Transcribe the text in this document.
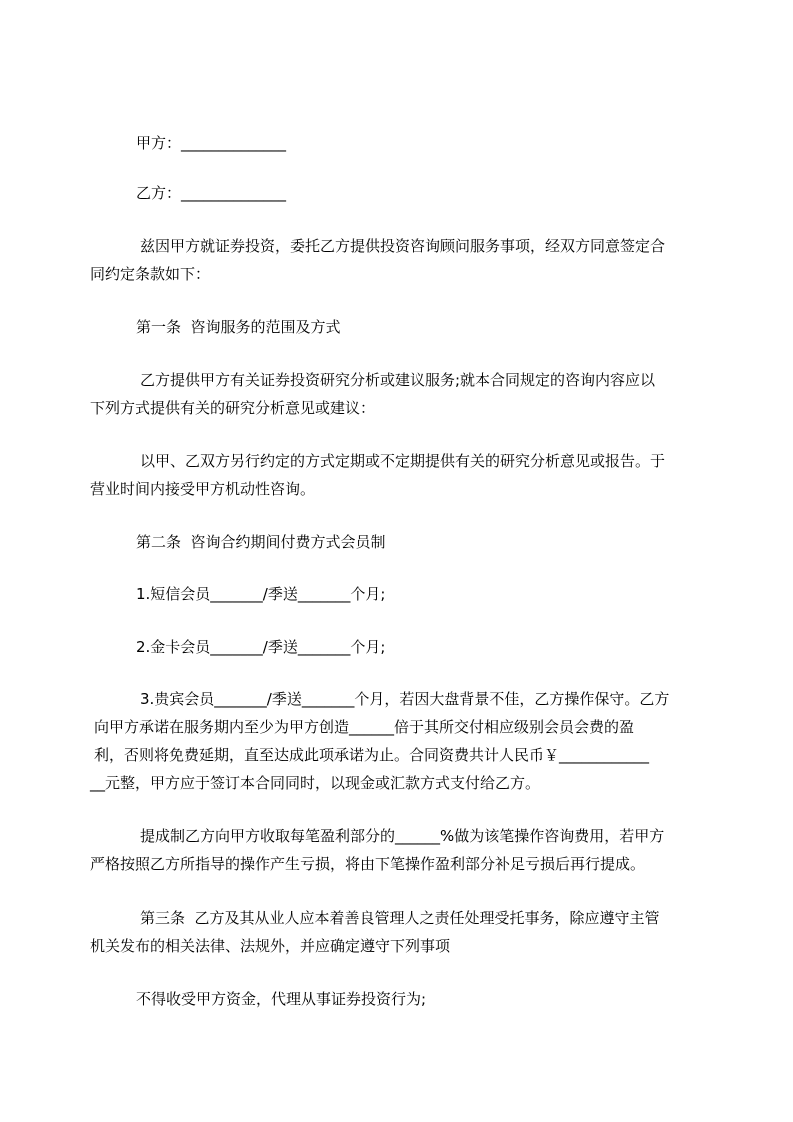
甲方：______________
乙方：______________
兹因甲方就证券投资，委托乙方提供投资咨询顾问服务事项，经双方同意签定合
同约定条款如下：
第一条  咨询服务的范围及方式
乙方提供甲方有关证券投资研究分析或建议服务;就本合同规定的咨询内容应以
下列方式提供有关的研究分析意见或建议：
以甲、乙双方另行约定的方式定期或不定期提供有关的研究分析意见或报告。于
营业时间内接受甲方机动性咨询。
第二条  咨询合约期间付费方式会员制
1.短信会员_______/季送_______个月;
2.金卡会员_______/季送_______个月;
3.贵宾会员_______/季送_______个月，若因大盘背景不佳，乙方操作保守。乙方
向甲方承诺在服务期内至少为甲方创造______倍于其所交付相应级别会员会费的盈
利，否则将免费延期，直至达成此项承诺为止。合同资费共计人民币￥____________
__元整，甲方应于签订本合同同时，以现金或汇款方式支付给乙方。
提成制乙方向甲方收取每笔盈利部分的______%做为该笔操作咨询费用，若甲方
严格按照乙方所指导的操作产生亏损，将由下笔操作盈利部分补足亏损后再行提成。
第三条  乙方及其从业人应本着善良管理人之责任处理受托事务，除应遵守主管
机关发布的相关法律、法规外，并应确定遵守下列事项
不得收受甲方资金，代理从事证券投资行为;
